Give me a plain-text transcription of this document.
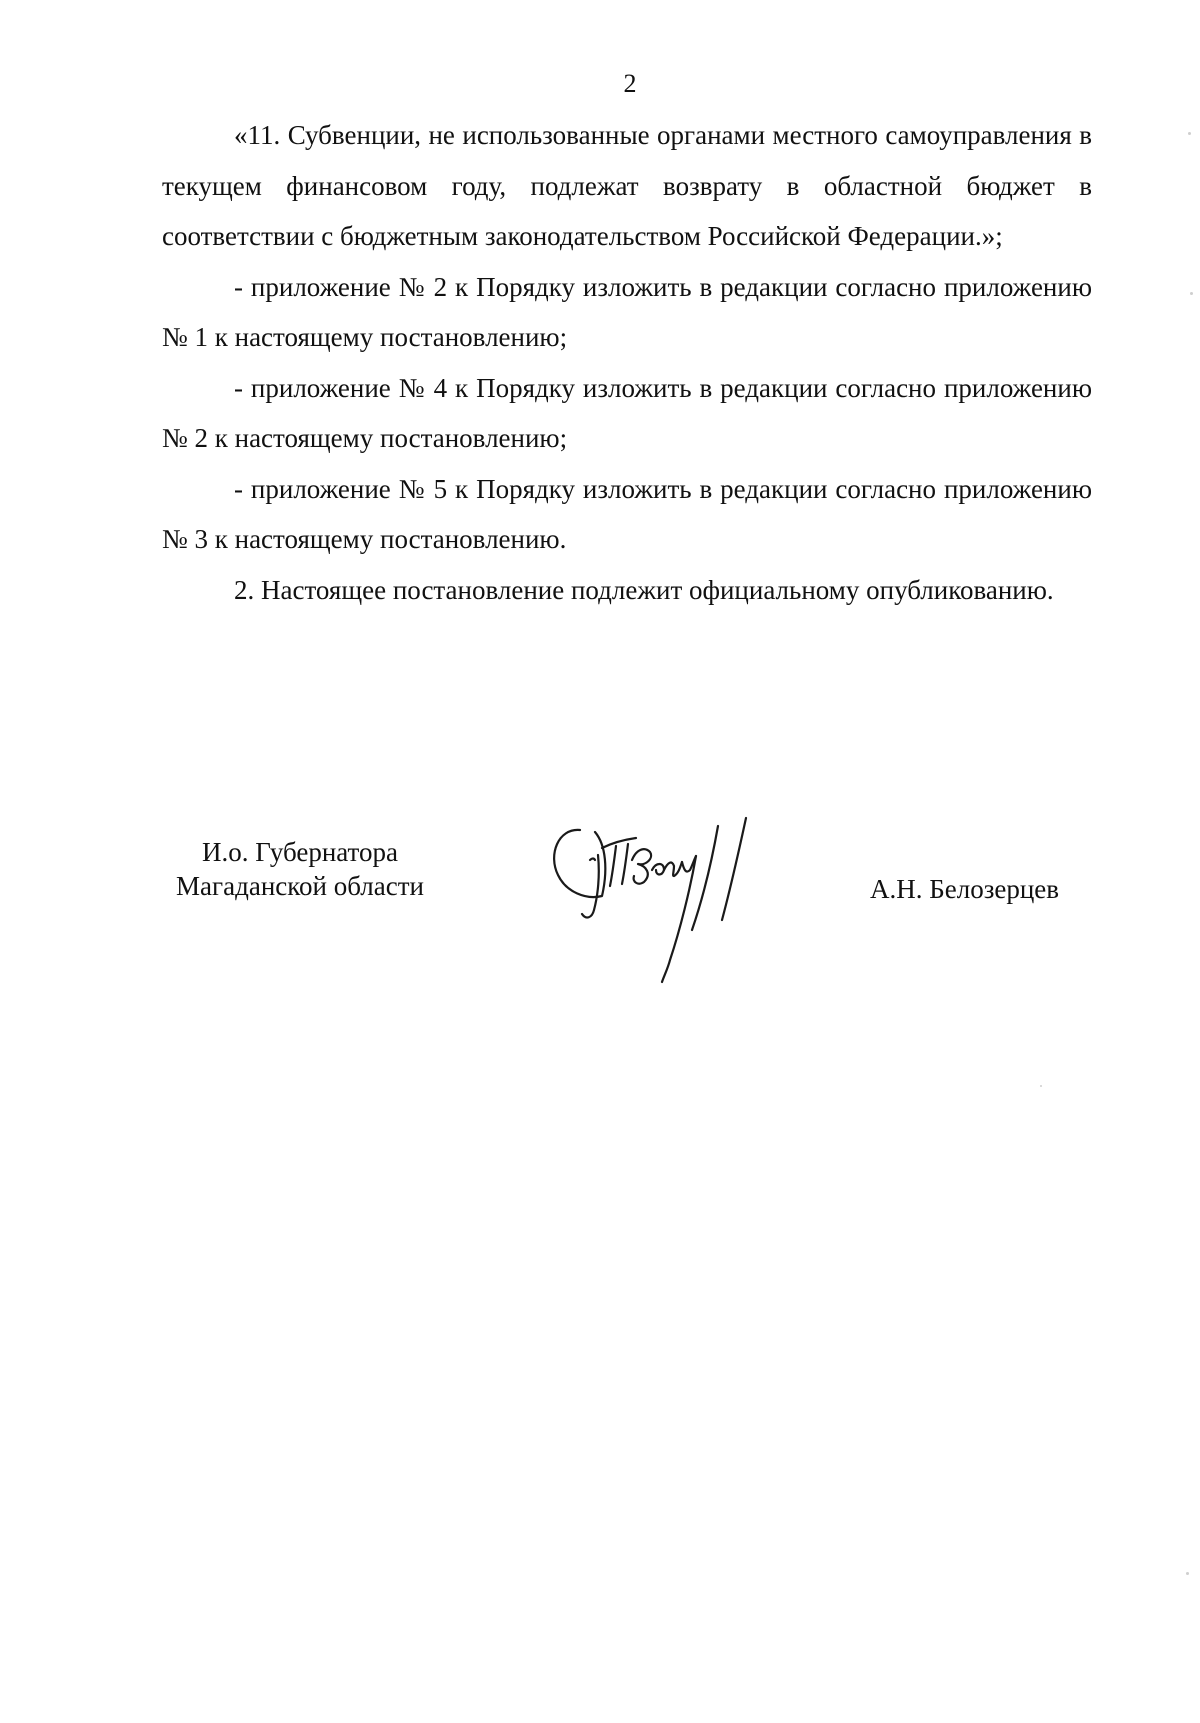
2

«11. Субвенции, не использованные органами местного самоуправления в текущем финансовом году, подлежат возврату в областной бюджет в соответствии с бюджетным законодательством Российской Федерации.»;

- приложение № 2 к Порядку изложить в редакции согласно приложению № 1 к настоящему постановлению;

- приложение № 4 к Порядку изложить в редакции согласно приложению № 2 к настоящему постановлению;

- приложение № 5 к Порядку изложить в редакции согласно приложению № 3 к настоящему постановлению.

2. Настоящее постановление подлежит официальному опубликованию.

И.о. Губернатора
Магаданской области	А.Н. Белозерцев
